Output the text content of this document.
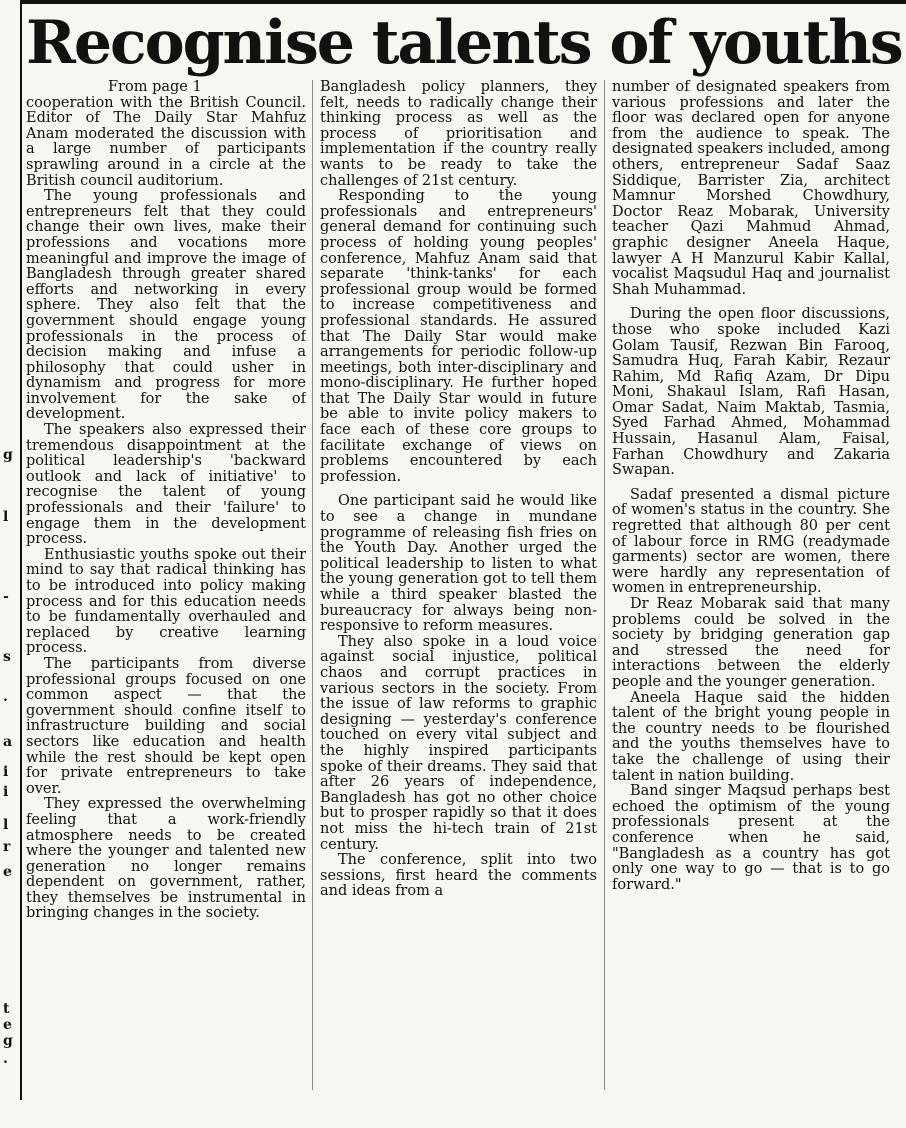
g
l
-
s
.
a
i
i
l
r
e
t
e
g
.
Recognise talents of youths

From page 1

cooperation with the British Council. Editor of The Daily Star Mahfuz Anam moderated the discussion with a large number of participants sprawling around in a circle at the British council auditorium.

The young professionals and entrepreneurs felt that they could change their own lives, make their professions and vocations more meaningful and improve the image of Bangladesh through greater shared efforts and networking in every sphere. They also felt that the government should engage young professionals in the process of decision making and infuse a philosophy that could usher in dynamism and progress for more involvement for the sake of development.

The speakers also expressed their tremendous disappointment at the political leadership's 'backward outlook and lack of initiative' to recognise the talent of young professionals and their 'failure' to engage them in the development process.

Enthusiastic youths spoke out their mind to say that radical thinking has to be introduced into policy making process and for this education needs to be fundamentally overhauled and replaced by creative learning process.

The participants from diverse professional groups focused on one common aspect — that the government should confine itself to infrastructure building and social sectors like education and health while the rest should be kept open for private entrepreneurs to take over.

They expressed the overwhelming feeling that a work-friendly atmosphere needs to be created where the younger and talented new generation no longer remains dependent on government, rather, they themselves be instrumental in bringing changes in the society.

Bangladesh policy planners, they felt, needs to radically change their thinking process as well as the process of prioritisation and implementation if the country really wants to be ready to take the challenges of 21st century.

Responding to the young professionals and entrepreneurs' general demand for continuing such process of holding young peoples' conference, Mahfuz Anam said that separate 'think-tanks' for each professional group would be formed to increase competitiveness and professional standards. He assured that The Daily Star would make arrangements for periodic follow-up meetings, both inter-disciplinary and mono-disciplinary. He further hoped that The Daily Star would in future be able to invite policy makers to face each of these core groups to facilitate exchange of views on problems encountered by each profession.

One participant said he would like to see a change in mundane programme of releasing fish fries on the Youth Day. Another urged the political leadership to listen to what the young generation got to tell them while a third speaker blasted the bureaucracy for always being non-responsive to reform measures.

They also spoke in a loud voice against social injustice, political chaos and corrupt practices in various sectors in the society. From the issue of law reforms to graphic designing — yesterday's conference touched on every vital subject and the highly inspired participants spoke of their dreams. They said that after 26 years of independence, Bangladesh has got no other choice but to prosper rapidly so that it does not miss the hi-tech train of 21st century.

The conference, split into two sessions, first heard the comments and ideas from a

number of designated speakers from various professions and later the floor was declared open for anyone from the audience to speak. The designated speakers included, among others, entrepreneur Sadaf Saaz Siddique, Barrister Zia, architect Mamnur Morshed Chowdhury, Doctor Reaz Mobarak, University teacher Qazi Mahmud Ahmad, graphic designer Aneela Haque, lawyer A H Manzurul Kabir Kallal, vocalist Maqsudul Haq and journalist Shah Muhammad.

During the open floor discussions, those who spoke included Kazi Golam Tausif, Rezwan Bin Farooq, Samudra Huq, Farah Kabir, Rezaur Rahim, Md Rafiq Azam, Dr Dipu Moni, Shakaul Islam, Rafi Hasan, Omar Sadat, Naim Maktab, Tasmia, Syed Farhad Ahmed, Mohammad Hussain, Hasanul Alam, Faisal, Farhan Chowdhury and Zakaria Swapan.

Sadaf presented a dismal picture of women's status in the country. She regretted that although 80 per cent of labour force in RMG (readymade garments) sector are women, there were hardly any representation of women in entrepreneurship.

Dr Reaz Mobarak said that many problems could be solved in the society by bridging generation gap and stressed the need for interactions between the elderly people and the younger generation.

Aneela Haque said the hidden talent of the bright young people in the country needs to be flourished and the youths themselves have to take the challenge of using their talent in nation building.

Band singer Maqsud perhaps best echoed the optimism of the young professionals present at the conference when he said, "Bangladesh as a country has got only one way to go — that is to go forward."
